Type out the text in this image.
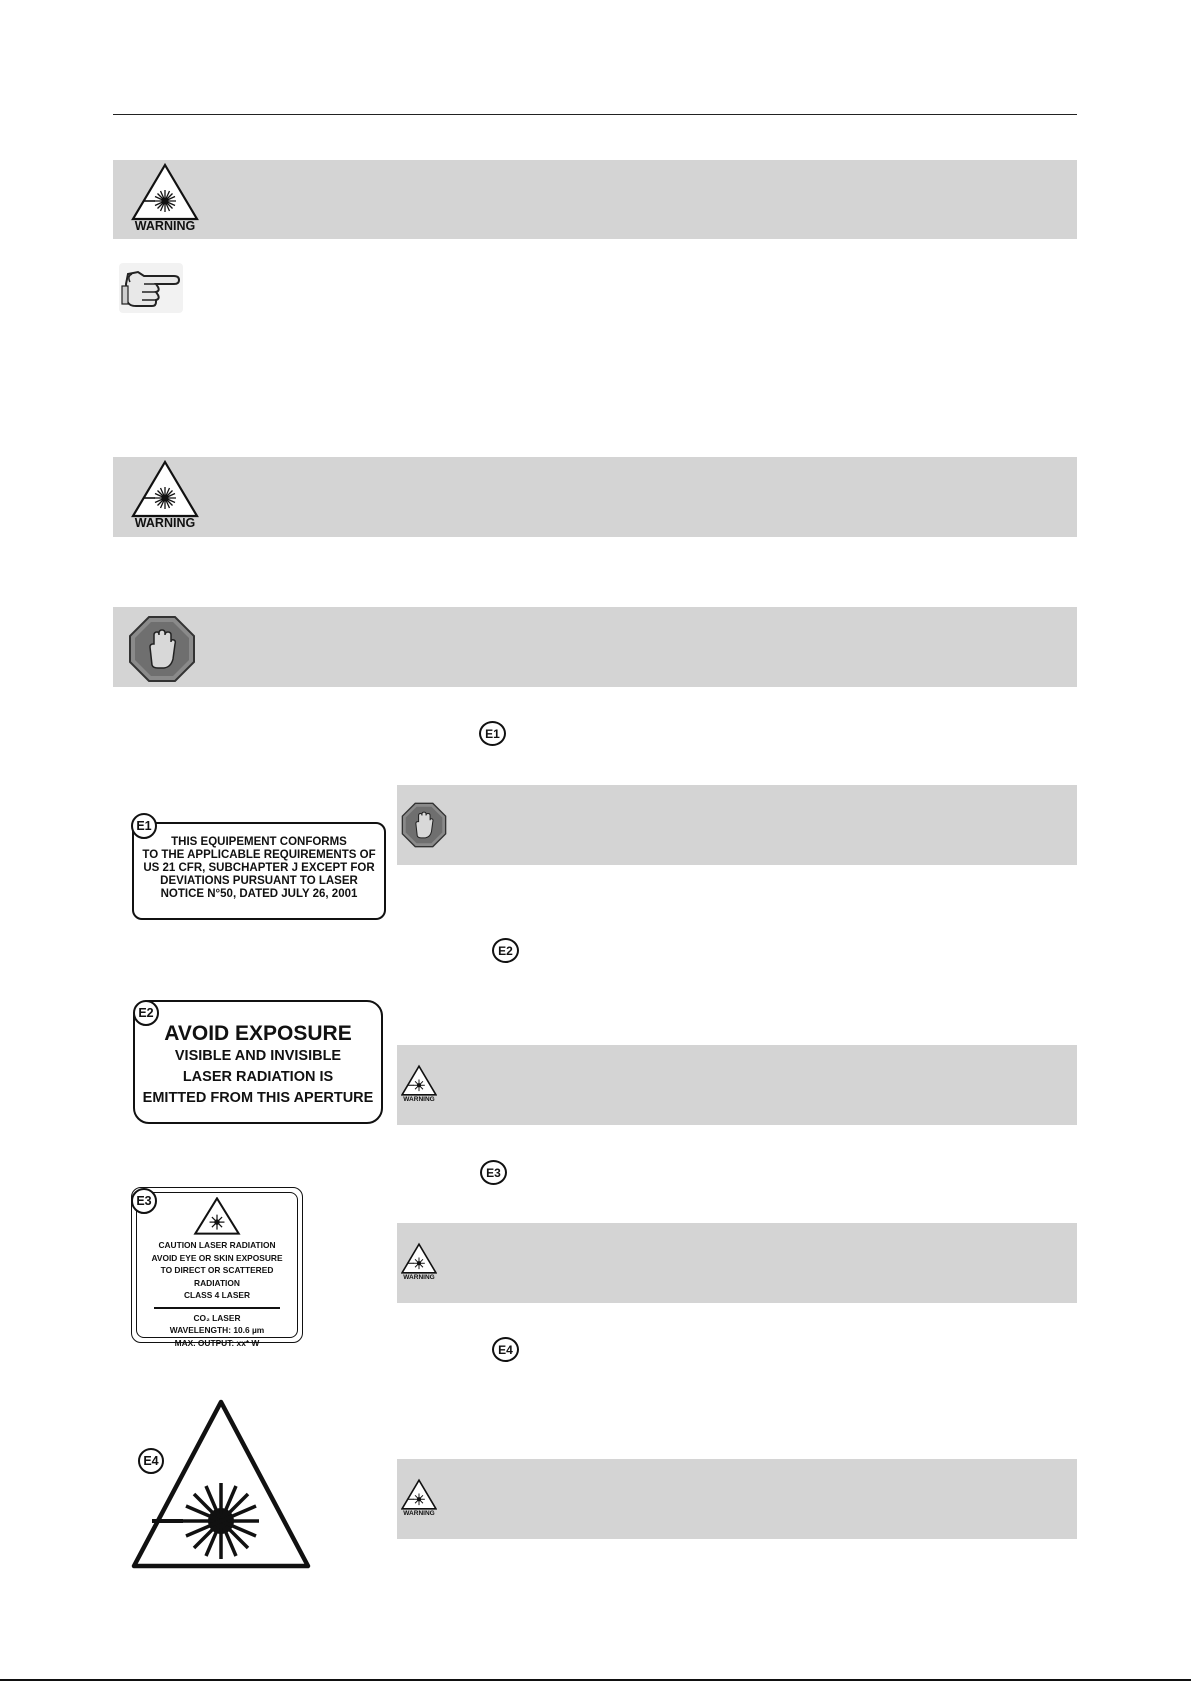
WARNING
WARNING
E1
THIS EQUIPEMENT CONFORMS
TO THE APPLICABLE REQUIREMENTS OF
US 21 CFR, SUBCHAPTER J EXCEPT FOR
DEVIATIONS PURSUANT TO LASER
NOTICE N°50, DATED JULY 26, 2001
E1
E2
AVOID EXPOSURE
VISIBLE AND INVISIBLE
LASER RADIATION IS
EMITTED FROM THIS APERTURE
E2
WARNING
E3
CAUTION LASER RADIATION
AVOID EYE OR SKIN EXPOSURE
TO DIRECT OR SCATTERED RADIATION
CLASS 4 LASER
CO₂ LASER
WAVELENGTH: 10.6 µm
MAX. OUTPUT: xx* W
E3
WARNING
E4
E4
WARNING
